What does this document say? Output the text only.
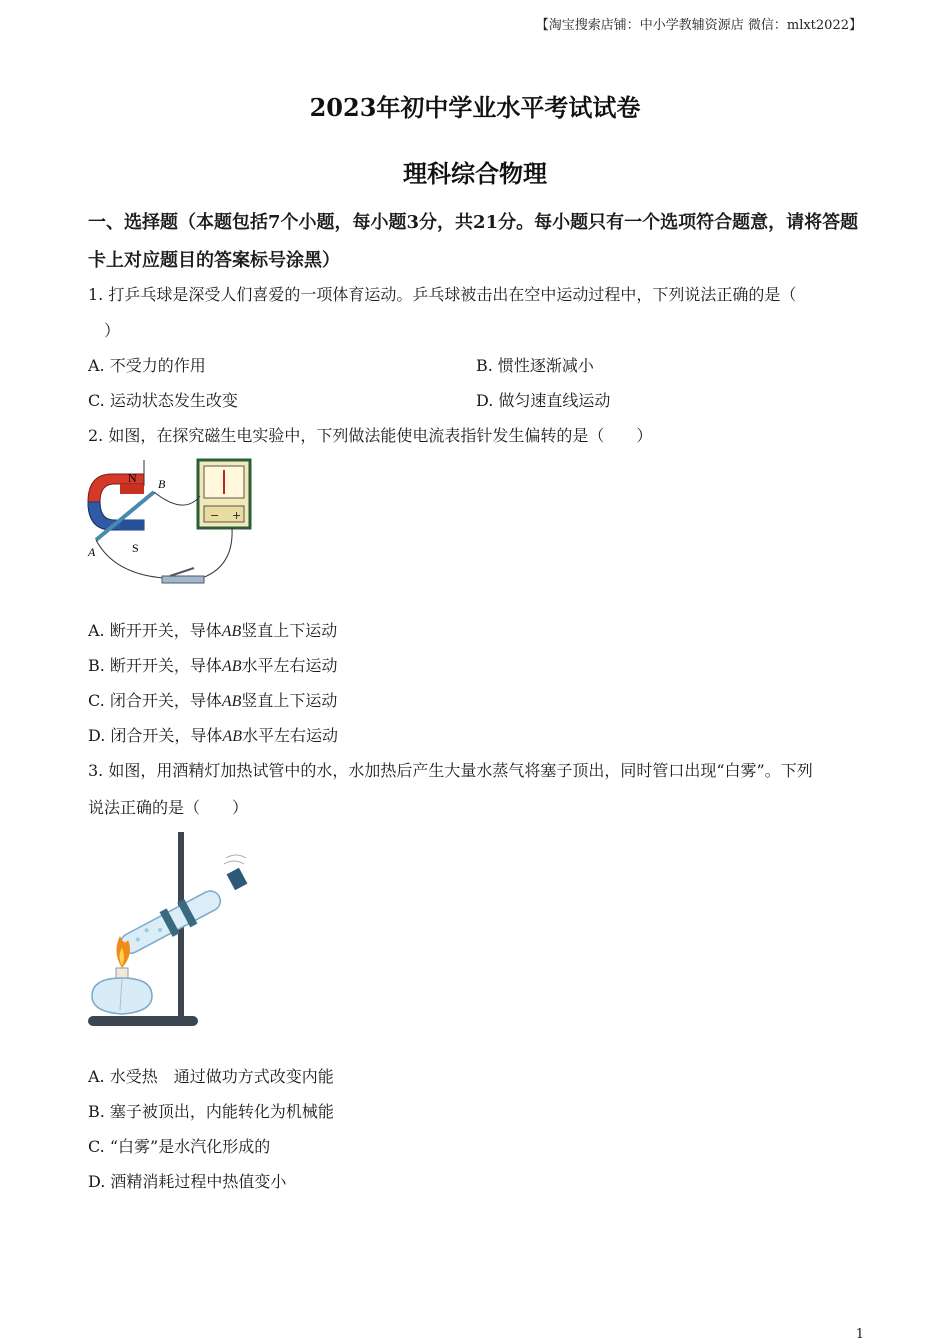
【淘宝搜索店铺：中小学教辅资源店 微信：mlxt2022】
2023年初中学业水平考试试卷
理科综合物理
一、选择题（本题包括7个小题，每小题3分，共21分。每小题只有一个选项符合题意，请将答题卡上对应题目的答案标号涂黑）
1. 打乒乓球是深受人们喜爱的一项体育运动。乒乓球被击出在空中运动过程中，下列说法正确的是（
）
A. 不受力的作用	B. 惯性逐渐减小
C. 运动状态发生改变	D. 做匀速直线运动
2. 如图，在探究磁生电实验中，下列做法能使电流表指针发生偏转的是（　　）
N
S
A
B
− +
A. 断开开关，导体AB竖直上下运动
B. 断开开关，导体AB水平左右运动
C. 闭合开关，导体AB竖直上下运动
D. 闭合开关，导体AB水平左右运动
3. 如图，用酒精灯加热试管中的水，水加热后产生大量水蒸气将塞子顶出，同时管口出现“白雾”。下列
说法正确的是（　　）
A. 水受热　通过做功方式改变内能
B. 塞子被顶出，内能转化为机械能
C. “白雾”是水汽化形成的
D. 酒精消耗过程中热值变小
1
